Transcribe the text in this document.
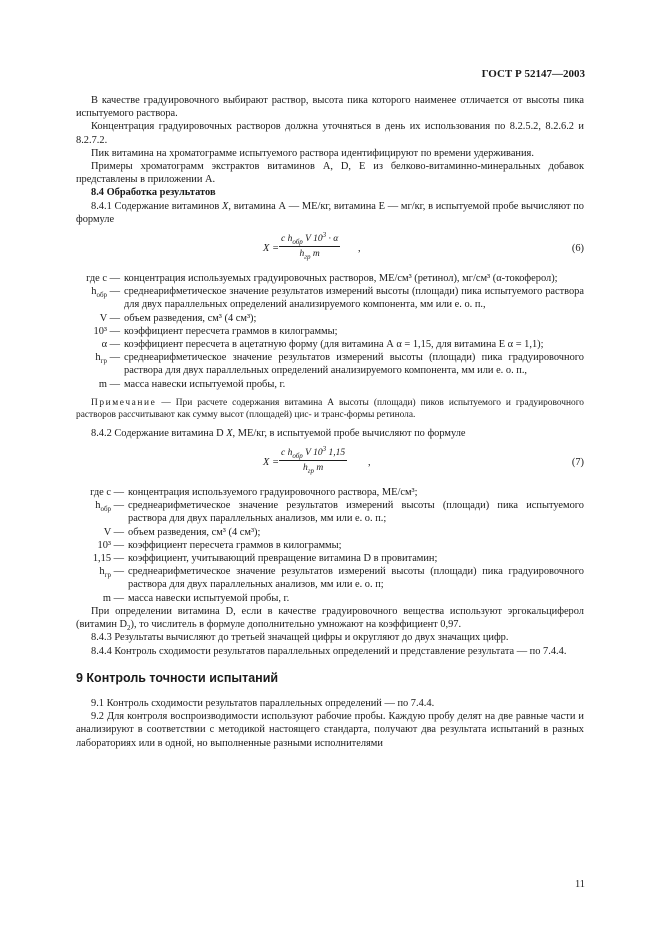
ГОСТ Р 52147—2003
В качестве градуировочного выбирают раствор, высота пика которого наименее отличается от высоты пика испытуемого раствора.
Концентрация градуировочных растворов должна уточняться в день их использования по 8.2.5.2, 8.2.6.2 и 8.2.7.2.
Пик витамина на хроматограмме испытуемого раствора идентифицируют по времени удерживания.
Примеры хроматограмм экстрактов витаминов А, D, Е из белково-витаминно-минеральных добавок представлены в приложении А.
8.4 Обработка результатов
8.4.1 Содержание витаминов X, витамина А — МЕ/кг, витамина Е — мг/кг, в испытуемой пробе вычисляют по формуле
X =
c $h_{обр}$ V $10^3 \cdot \alpha$
$h_{гр}$ m	,	(6)
где c — концентрация используемых градуировочных растворов, МЕ/см³ (ретинол), мг/см³ (α-токоферол);
$h_{обр}$ — среднеарифметическое значение результатов измерений высоты (площади) пика испытуемого раствора для двух параллельных определений анализируемого компонента, мм или е. о. п.,
V — объем разведения, см³ (4 см³);
10³ — коэффициент пересчета граммов в килограммы;
α — коэффициент пересчета в ацетатную форму (для витамина А α = 1,15, для витамина Е α = 1,1);
$h_{гр}$ — среднеарифметическое значение результатов измерений высоты (площади) пика градуировочного раствора для двух параллельных определений анализируемого компонента, мм или е. о. п.,
m — масса навески испытуемой пробы, г.
Примечание — При расчете содержания витамина А высоты (площади) пиков испытуемого и градуировочного растворов рассчитывают как сумму высот (площадей) цис- и транс-формы ретинола.
8.4.2 Содержание витамина D X, МЕ/кг, в испытуемой пробе вычисляют по формуле
X =
c $h_{обр}$ V $10^3$ 1,15
$h_{гр}$ m	,	(7)
где c — концентрация используемого градуировочного раствора, МЕ/см³;
$h_{обр}$ — среднеарифметическое значение результатов измерений высоты (площади) пика испытуемого раствора для двух параллельных анализов, мм или е. о. п.;
V — объем разведения, см³ (4 см³);
10³ — коэффициент пересчета граммов в килограммы;
1,15 — коэффициент, учитывающий превращение витамина D в провитамин;
$h_{гр}$ — среднеарифметическое значение результатов измерений высоты (площади) пика градуировочного раствора для двух параллельных анализов, мм или е. о. п;
m — масса навески испытуемой пробы, г.
При определении витамина D, если в качестве градуировочного вещества используют эргокальциферол (витамин $D_2$), то числитель в формуле дополнительно умножают на коэффициент 0,97.
8.4.3 Результаты вычисляют до третьей значащей цифры и округляют до двух значащих цифр.
8.4.4 Контроль сходимости результатов параллельных определений и представление результата — по 7.4.4.
9 Контроль точности испытаний
9.1 Контроль сходимости результатов параллельных определений — по 7.4.4.
9.2 Для контроля воспроизводимости используют рабочие пробы. Каждую пробу делят на две равные части и анализируют в соответствии с методикой настоящего стандарта, получают два результата испытаний в разных лабораториях или в одной, но выполненные разными исполнителями
11
